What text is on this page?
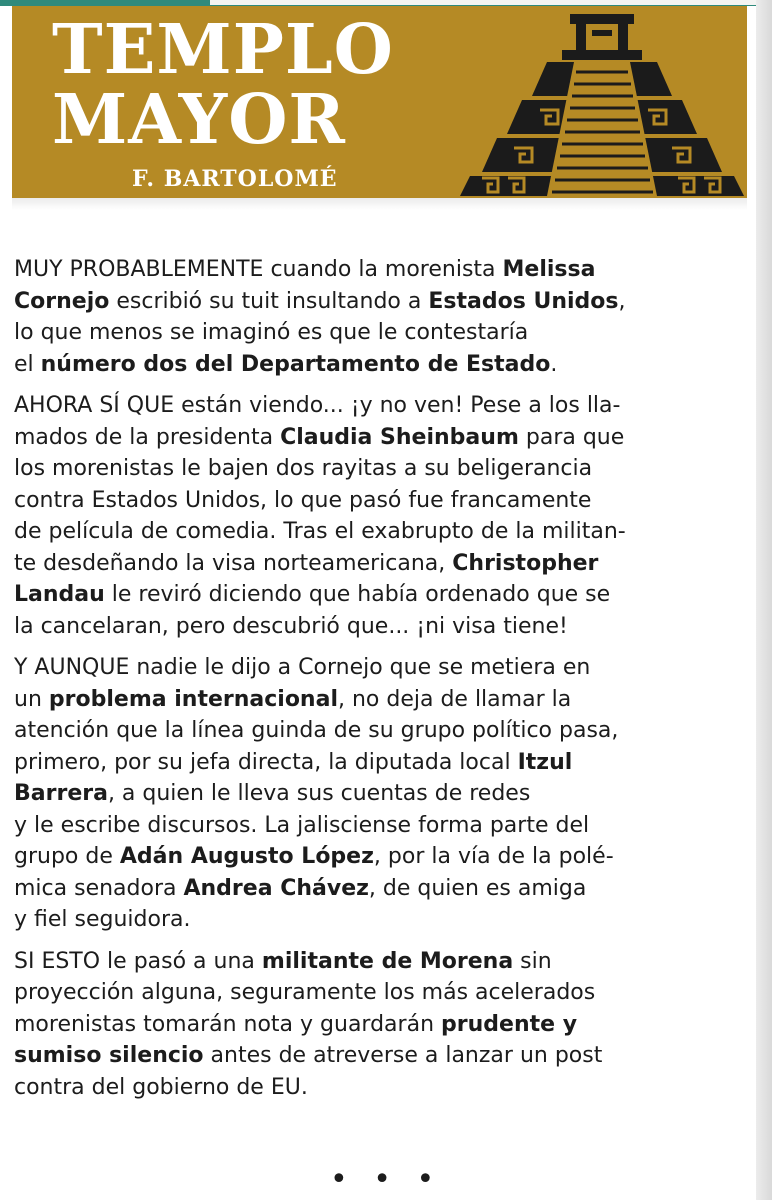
TEMPLO
MAYOR
F. BARTOLOMÉ
MUY PROBABLEMENTE cuando la morenista Melissa
Cornejo escribió su tuit insultando a Estados Unidos,
lo que menos se imaginó es que le contestaría
el número dos del Departamento de Estado.
AHORA SÍ QUE están viendo... ¡y no ven! Pese a los lla-
mados de la presidenta Claudia Sheinbaum para que
los morenistas le bajen dos rayitas a su beligerancia
contra Estados Unidos, lo que pasó fue francamente
de película de comedia. Tras el exabrupto de la militan-
te desdeñando la visa norteamericana, Christopher
Landau le reviró diciendo que había ordenado que se
la cancelaran, pero descubrió que... ¡ni visa tiene!
Y AUNQUE nadie le dijo a Cornejo que se metiera en
un problema internacional, no deja de llamar la
atención que la línea guinda de su grupo político pasa,
primero, por su jefa directa, la diputada local Itzul
Barrera, a quien le lleva sus cuentas de redes
y le escribe discursos. La jalisciense forma parte del
grupo de Adán Augusto López, por la vía de la polé-
mica senadora Andrea Chávez, de quien es amiga
y fiel seguidora.
SI ESTO le pasó a una militante de Morena sin
proyección alguna, seguramente los más acelerados
morenistas tomarán nota y guardarán prudente y
sumiso silencio antes de atreverse a lanzar un post
contra del gobierno de EU.
• • •
